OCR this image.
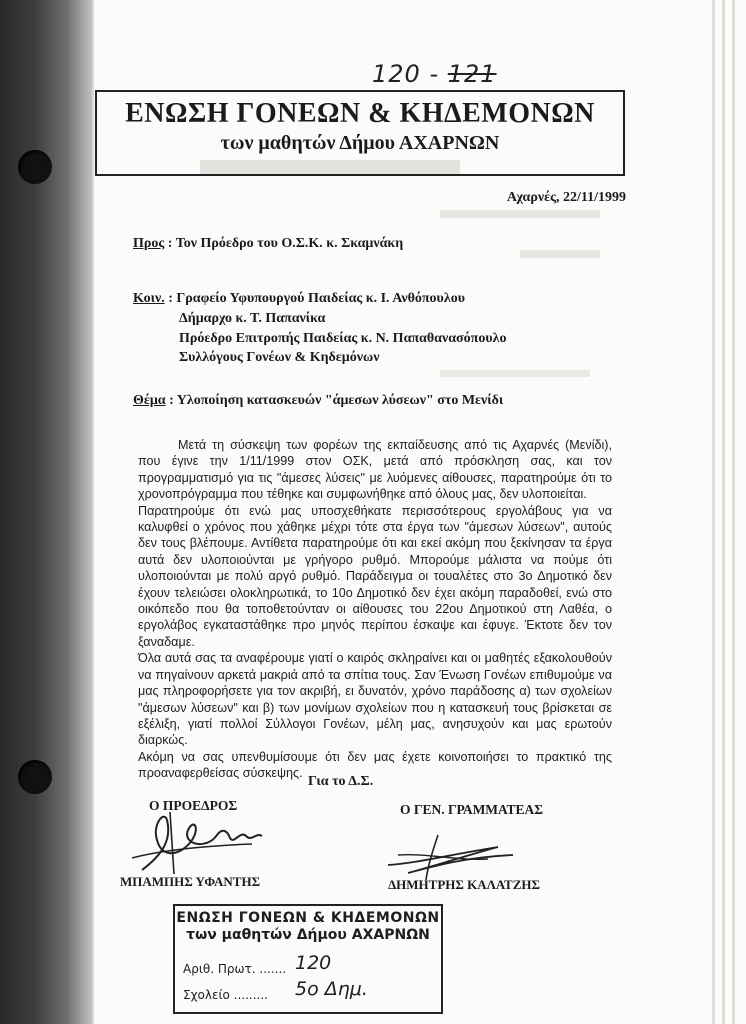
120 - 121
ΕΝΩΣΗ ΓΟΝΕΩΝ & ΚΗΔΕΜΟΝΩΝ
των μαθητών Δήμου ΑΧΑΡΝΩΝ
Αχαρνές, 22/11/1999
Προς : Τον Πρόεδρο του Ο.Σ.Κ. κ. Σκαμνάκη
Κοιν. : Γραφείο Υφυπουργού Παιδείας κ. Ι. Ανθόπουλου
Δήμαρχο κ. Τ. Παπανίκα
Πρόεδρο Επιτροπής Παιδείας κ. Ν. Παπαθανασόπουλο
Συλλόγους Γονέων & Κηδεμόνων
Θέμα : Υλοποίηση κατασκευών "άμεσων λύσεων" στο Μενίδι

Μετά τη σύσκεψη των φορέων της εκπαίδευσης από τις Αχαρνές (Μενίδι), που έγινε την 1/11/1999 στον ΟΣΚ, μετά από πρόσκληση σας, και τον προγραμματισμό για τις "άμεσες λύσεις" με λυόμενες αίθουσες, παρατηρούμε ότι το χρονοπρόγραμμα που τέθηκε και συμφωνήθηκε από όλους μας, δεν υλοποιείται.

Παρατηρούμε ότι ενώ μας υποσχεθήκατε περισσότερους εργολάβους για να καλυφθεί ο χρόνος που χάθηκε μέχρι τότε στα έργα των "άμεσων λύσεων", αυτούς δεν τους βλέπουμε. Αντίθετα παρατηρούμε ότι και εκεί ακόμη που ξεκίνησαν τα έργα αυτά δεν υλοποιούνται με γρήγορο ρυθμό. Μπορούμε μάλιστα να πούμε ότι υλοποιούνται με πολύ αργό ρυθμό. Παράδειγμα οι τουαλέτες στο 3ο Δημοτικό δεν έχουν τελειώσει ολοκληρωτικά, το 10ο Δημοτικό δεν έχει ακόμη παραδοθεί, ενώ στο οικόπεδο που θα τοποθετούνταν οι αίθουσες του 22ου Δημοτικού στη Λαθέα, ο εργολάβος εγκαταστάθηκε προ μηνός περίπου έσκαψε και έφυγε. Έκτοτε δεν τον ξαναδαμε.

Όλα αυτά σας τα αναφέρουμε γιατί ο καιρός σκληραίνει και οι μαθητές εξακολουθούν να πηγαίνουν αρκετά μακριά από τα σπίτια τους. Σαν Ένωση Γονέων επιθυμούμε να μας πληροφορήσετε για τον ακριβή, ει δυνατόν, χρόνο παράδοσης α) των σχολείων "άμεσων λύσεων" και β) των μονίμων σχολείων που η κατασκευή τους βρίσκεται σε εξέλιξη, γιατί πολλοί Σύλλογοι Γονέων, μέλη μας, ανησυχούν και μας ερωτούν διαρκώς.

Ακόμη να σας υπενθυμίσουμε ότι δεν μας έχετε κοινοποιήσει το πρακτικό της προαναφερθείσας σύσκεψης.

Για το Δ.Σ.
Ο ΠΡΟΕΔΡΟΣ	Ο ΓΕΝ. ΓΡΑΜΜΑΤΕΑΣ
ΜΠΑΜΠΗΣ ΥΦΑΝΤΗΣ	ΔΗΜΗΤΡΗΣ ΚΑΛΑΤΖΗΣ
ΕΝΩΣΗ ΓΟΝΕΩΝ & ΚΗΔΕΜΟΝΩΝ
των μαθητών Δήμου ΑΧΑΡΝΩΝ
Αριθ. Πρωτ. ....... 120
Σχολείο ......... 5ο Δημ.
